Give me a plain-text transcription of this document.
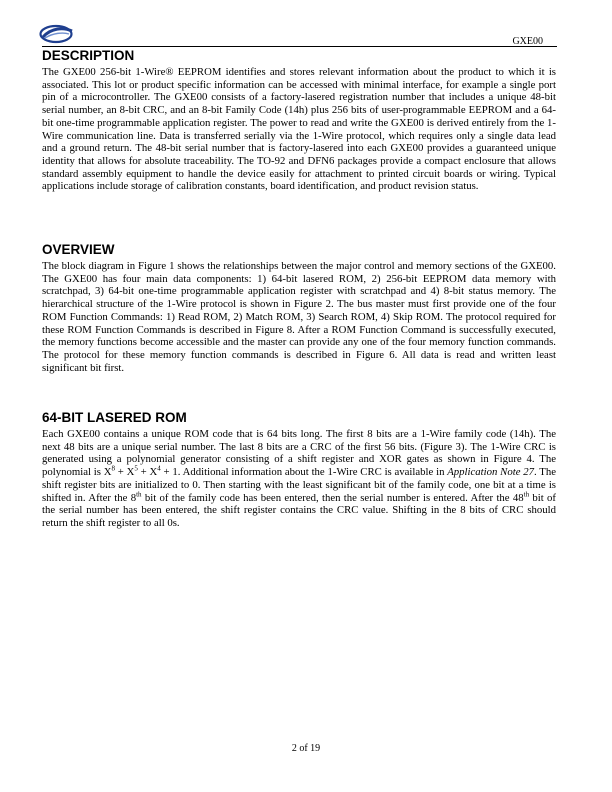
GXE00
DESCRIPTION

The GXE00 256-bit 1-Wire® EEPROM identifies and stores relevant information about the product to which it is associated. This lot or product specific information can be accessed with minimal interface, for example a single port pin of a microcontroller. The GXE00 consists of a factory-lasered registration number that includes a unique 48-bit serial number, an 8-bit CRC, and an 8-bit Family Code (14h) plus 256 bits of user-programmable EEPROM and a 64-bit one-time programmable application register. The power to read and write the GXE00 is derived entirely from the 1-Wire communication line. Data is transferred serially via the 1-Wire protocol, which requires only a single data lead and a ground return. The 48-bit serial number that is factory-lasered into each GXE00 provides a guaranteed unique identity that allows for absolute traceability. The TO-92 and DFN6 packages provide a compact enclosure that allows standard assembly equipment to handle the device easily for attachment to printed circuit boards or wiring. Typical applications include storage of calibration constants, board identification, and product revision status.

OVERVIEW

The block diagram in Figure 1 shows the relationships between the major control and memory sections of the GXE00. The GXE00 has four main data components: 1) 64-bit lasered ROM, 2) 256-bit EEPROM data memory with scratchpad, 3) 64-bit one-time programmable application register with scratchpad and 4) 8-bit status memory. The hierarchical structure of the 1-Wire protocol is shown in Figure 2. The bus master must first provide one of the four ROM Function Commands: 1) Read ROM, 2) Match ROM, 3) Search ROM, 4) Skip ROM. The protocol required for these ROM Function Commands is described in Figure 8. After a ROM Function Command is successfully executed, the memory functions become accessible and the master can provide any one of the four memory function commands. The protocol for these memory function commands is described in Figure 6. All data is read and written least significant bit first.

64-BIT LASERED ROM

Each GXE00 contains a unique ROM code that is 64 bits long. The first 8 bits are a 1-Wire family code (14h). The next 48 bits are a unique serial number. The last 8 bits are a CRC of the first 56 bits. (Figure 3). The 1-Wire CRC is generated using a polynomial generator consisting of a shift register and XOR gates as shown in Figure 4. The polynomial is $X^8 + X^5 + X^4 + 1$. Additional information about the 1-Wire CRC is available in Application Note 27. The shift register bits are initialized to 0. Then starting with the least significant bit of the family code, one bit at a time is shifted in. After the 8th bit of the family code has been entered, then the serial number is entered. After the 48th bit of the serial number has been entered, the shift register contains the CRC value. Shifting in the 8 bits of CRC should return the shift register to all 0s.

2 of 19
